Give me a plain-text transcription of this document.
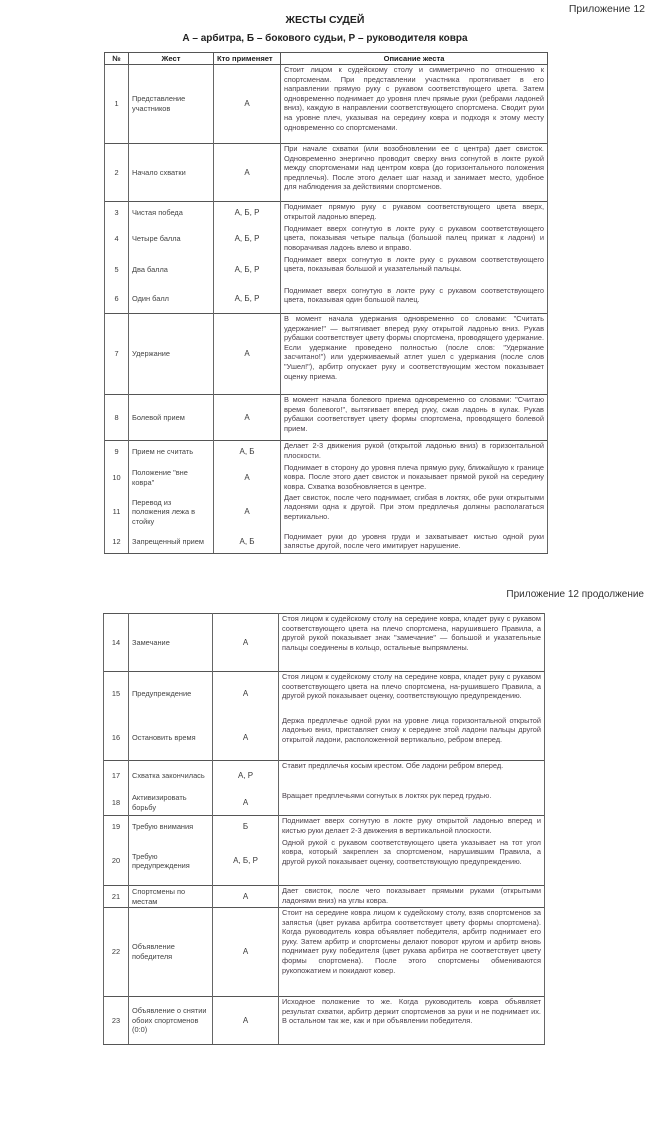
Приложение 12
ЖЕСТЫ СУДЕЙ
А – арбитра, Б – бокового судьи, Р – руководителя ковра
№	Жест	Кто применяет	Описание жеста
1	Представление участников	А	Стоит лицом к судейскому столу и симметрично по отношению к спортсменам. При представлении участника протягивает в его направлении прямую руку с рукавом соответствующего цвета. Затем одновременно поднимает до уровня плеч прямые руки (ребрами ладоней вниз), каждую в направлении соответствующего спортсмена. Сводит руки на уровне плеч, указывая на середину ковра и подходя к этому месту одновременно со спортсменами.
2	Начало схватки	А	При начале схватки (или возобновлении ее с центра) дает свисток. Одновременно энергично проводит сверху вниз согнутой в локте рукой между спортсменами над центром ковра (до горизонтального положения предплечья). После этого делает шаг назад и занимает место, удобное для наблюдения за действиями спортсменов.
3	Чистая победа	А, Б, Р	Поднимает прямую руку с рукавом соответствующего цвета вверх, открытой ладонью вперед.
4	Четыре балла	А, Б, Р	Поднимает вверх согнутую в локте руку с рукавом соответствующего цвета, показывая четыре пальца (большой палец прижат к ладони) и поворачивая ладонь влево и вправо.
5	Два балла	А, Б, Р	Поднимает вверх согнутую в локте руку с рукавом соответствующего цвета, показывая большой и указательный пальцы.
6	Один балл	А, Б, Р	Поднимает вверх согнутую в локте руку с рукавом соответствующего цвета, показывая один большой палец.
7	Удержание	А	В момент начала удержания одновременно со словами: "Считать удержание!" — вытягивает вперед руку открытой ладонью вниз. Рукав рубашки соответствует цвету формы спортсмена, проводящего удержание. Если удержание проведено полностью (после слов: "Удержание засчитано!") или удерживаемый атлет ушел с удержания (после слов "Ушел!"), арбитр опускает руку и соответствующим жестом показывает оценку приема.
8	Болевой прием	А	В момент начала болевого приема одновременно со словами: "Считаю время болевого!", вытягивает вперед руку, сжав ладонь в кулак. Рукав рубашки соответствует цвету формы спортсмена, проводящего болевой прием.
9	Прием не считать	А, Б	Делает 2-3 движения рукой (открытой ладонью вниз) в горизонтальной плоскости.
10	Положение "вне ковра"	А	Поднимает в сторону до уровня плеча прямую руку, ближайшую к границе ковра. После этого дает свисток и показывает прямой рукой на середину ковра. Схватка возобновляется в центре.
11	Перевод из положения лежа в стойку	А	Дает свисток, после чего поднимает, сгибая в локтях, обе руки открытыми ладонями одна к другой. При этом предплечья должны располагаться вертикально.
12	Запрещенный прием	А, Б	Поднимает руки до уровня груди и захватывает кистью одной руки запястье другой, после чего имитирует нарушение.
Приложение 12 продолжение
14	Замечание	А	Стоя лицом к судейскому столу на середине ковра, кладет руку с рукавом соответствующего цвета на плечо спортсмена, нарушившего Правила, а другой рукой показывает знак "замечание" — большой и указательные пальцы соединены в кольцо, остальные выпрямлены.
15	Предупреждение	А	Стоя лицом к судейскому столу на середине ковра, кладет руку с рукавом соответствующего цвета на плечо спортсмена, на-рушившего Правила, а другой рукой показывает оценку, соответствующую предупреждению.
16	Остановить время	А	Держа предплечье одной руки на уровне лица горизонтальной открытой ладонью вниз, приставляет снизу к середине этой ладони пальцы другой открытой ладони, расположенной вертикально, ребром вперед.
17	Схватка закончилась	А, Р	Ставит предплечья косым крестом. Обе ладони ребром вперед.
18	Активизировать борьбу	А	Вращает предплечьями согнутых в локтях рук перед грудью.
19	Требую внимания	Б	Поднимает вверх согнутую в локте руку открытой ладонью вперед и кистью руки делает 2-3 движения в вертикальной плоскости.
20	Требую предупреждения	А, Б, Р	Одной рукой с рукавом соответствующего цвета указывает на тот угол ковра, который закреплен за спортсменом, нарушившим Правила, а другой рукой показывает оценку, соответствующую предупреждению.
21	Спортсмены по местам	А	Дает свисток, после чего показывает прямыми руками (открытыми ладонями вниз) на углы ковра.
22	Объявление победителя	А	Стоит на середине ковра лицом к судейскому столу, взяв спортсменов за запястья (цвет рукава арбитра соответствует цвету формы спортсмена). Когда руководитель ковра объявляет победителя, арбитр поднимает его руку. Затем арбитр и спортсмены делают поворот кругом и арбитр вновь поднимает руку победителя (цвет рукава арбитра не соответствует цвету формы спортсмена). После этого спортсмены обмениваются рукопожатием и покидают ковер.
23	Объявление о снятии обоих спортсменов (0:0)	А	Исходное положение то же. Когда руководитель ковра объявляет результат схватки, арбитр держит спортсменов за руки и не поднимает их. В остальном так же, как и при объявлении победителя.
